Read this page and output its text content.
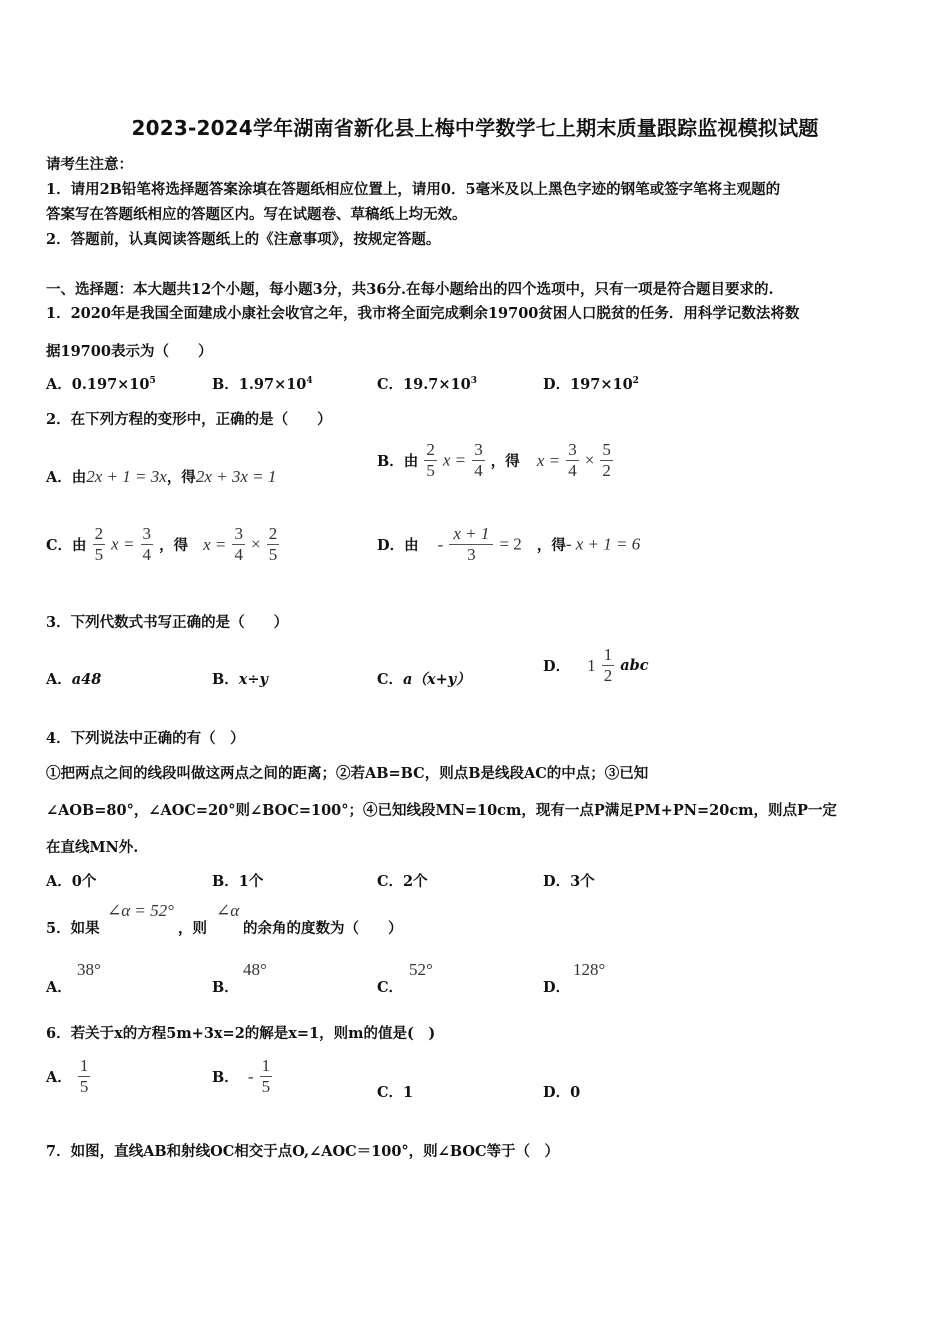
2023-2024学年湖南省新化县上梅中学数学七上期末质量跟踪监视模拟试题
请考生注意：
1．请用2B铅笔将选择题答案涂填在答题纸相应位置上，请用0．5毫米及以上黑色字迹的钢笔或签字笔将主观题的
答案写在答题纸相应的答题区内。写在试题卷、草稿纸上均无效。
2．答题前，认真阅读答题纸上的《注意事项》，按规定答题。
一、选择题：本大题共12个小题，每小题3分，共36分.在每小题给出的四个选项中，只有一项是符合题目要求的.
1．2020年是我国全面建成小康社会收官之年，我市将全面完成剩余19700贫困人口脱贫的任务．用科学记数法将数
据19700表示为（　　）
A．$0.197\times 10^5$	B．$1.97\times 10^4$	C．$19.7\times 10^3$	D．$197\times 10^2$
2．在下列方程的变形中，正确的是（　　）
A．由2x + 1 = 3x，得2x + 3x = 1
B．由 $\frac{2}{5}$ $x = \frac{3}{4}$ ，得 $x = \frac{3}{4} \times \frac{5}{2}$
C．由 $\frac{2}{5}$ $x = \frac{3}{4}$ ，得 $x = \frac{3}{4} \times \frac{2}{5}$	D．由 - $\frac{x + 1}{3} = 2$ ，得- x + 1 = 6
3．下列代数式书写正确的是（　　）
A．a48	B．x÷y	C．a（x+y）
D． $1 \frac{1}{2}$ abc
4．下列说法中正确的有（　）
①把两点之间的线段叫做这两点之间的距离；②若AB=BC，则点B是线段AC的中点；③已知
∠AOB=80°，∠AOC=20°则∠BOC=100°；④已知线段MN=10cm，现有一点P满足PM+PN=20cm，则点P一定
在直线MN外.
A．0个	B．1个	C．2个	D．3个
5．如果
∠α = 52°
，则
∠α
的余角的度数为（　　）
A．
38°
B．
48°
C．
52°
D．
128°
6．若关于x的方程5m+3x=2的解是x=1，则m的值是(　)
A． $\frac{1}{5}$	B． - $\frac{1}{5}$	C．1	D．0
7．如图，直线AB和射线OC相交于点O,∠AOC＝100°，则∠BOC等于（　）
